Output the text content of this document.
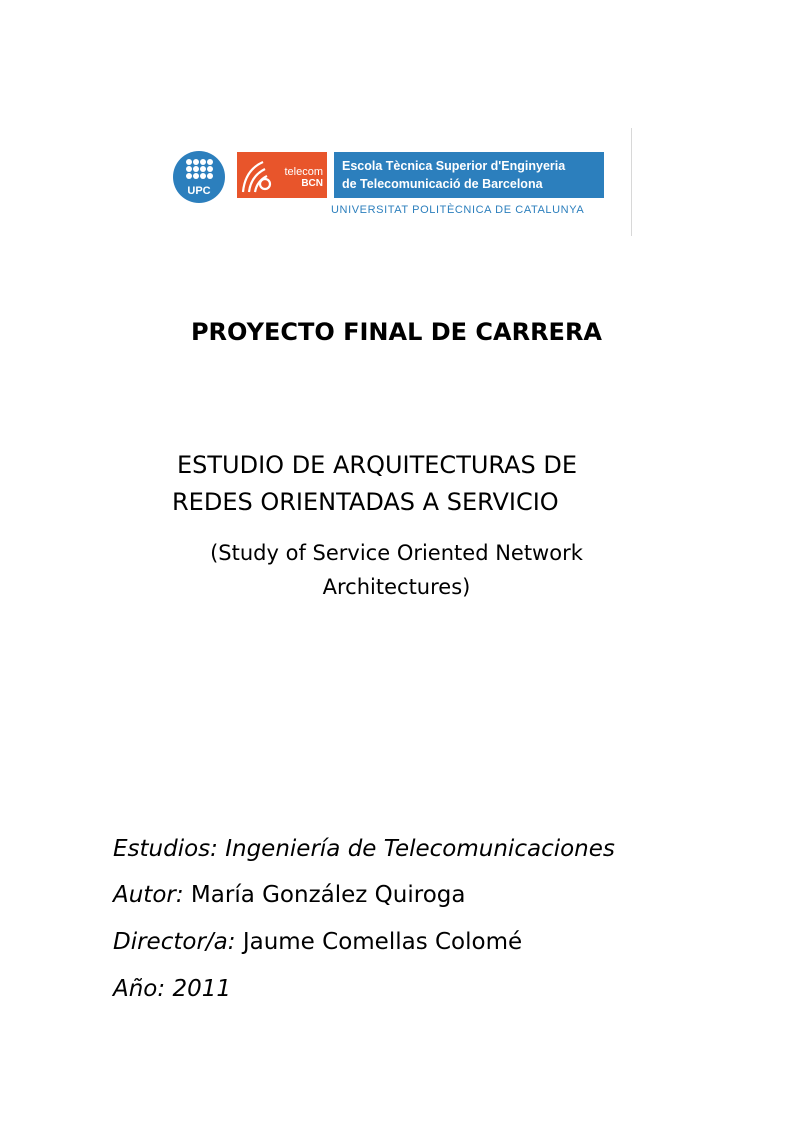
UPC
telecom
BCN
Escola Tècnica Superior d'Enginyeria
de Telecomunicació de Barcelona
UNIVERSITAT POLITÈCNICA DE CATALUNYA
PROYECTO FINAL DE CARRERA
ESTUDIO DE ARQUITECTURAS DE
REDES ORIENTADAS A SERVICIO
(Study of Service Oriented Network
Architectures)
Estudios: Ingeniería de Telecomunicaciones
Autor: María González Quiroga
Director/a: Jaume Comellas Colomé
Año: 2011
